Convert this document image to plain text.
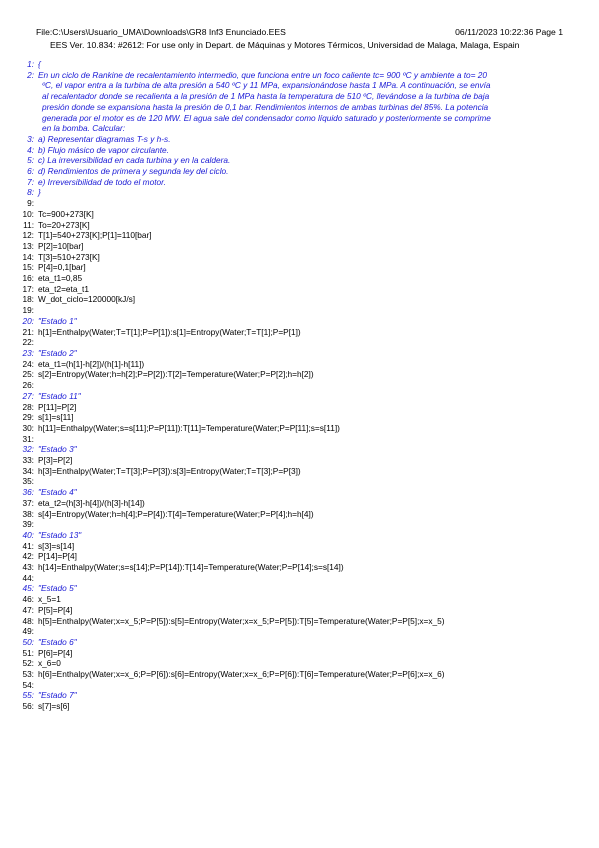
File:C:\Users\Usuario_UMA\Downloads\GR8 Inf3 Enunciado.EES	06/11/2023 10:22:36 Page 1
EES Ver. 10.834: #2612: For use only in Depart. de Máquinas y Motores Térmicos, Universidad de Malaga, Malaga, Espain
1: {
2: En un ciclo de Rankine de recalentamiento intermedio, que funciona entre un foco caliente tc= 900 ºC y ambiente a to= 20
ºC, el vapor entra a la turbina de alta presión a 540 ºC y 11 MPa, expansionándose hasta 1 MPa. A continuación, se envía
al recalentador donde se recalienta a la presión de 1 MPa hasta la temperatura de 510 ºC, llevándose a la turbina de baja
presión donde se expansiona hasta la presión de 0,1 bar. Rendimientos internos de ambas turbinas del 85%. La potencia
generada por el motor es de 120 MW. El agua sale del condensador como líquido saturado y posteriormente se comprime
en la bomba. Calcular:
3: a) Representar diagramas T-s y h-s.
4: b) Flujo másico de vapor circulante.
5: c) La irreversibilidad en cada turbina y en la caldera.
6: d) Rendimientos de primera y segunda ley del ciclo.
7: e) Irreversibilidad de todo el motor.
8: }
9:
10: Tc=900+273[K]
11: To=20+273[K]
12: T[1]=540+273[K];P[1]=110[bar]
13: P[2]=10[bar]
14: T[3]=510+273[K]
15: P[4]=0,1[bar]
16: eta_t1=0,85
17: eta_t2=eta_t1
18: W_dot_ciclo=120000[kJ/s]
19:
20: "Estado 1"
21: h[1]=Enthalpy(Water;T=T[1];P=P[1]):s[1]=Entropy(Water;T=T[1];P=P[1])
22:
23: "Estado 2"
24: eta_t1=(h[1]-h[2])/(h[1]-h[11])
25: s[2]=Entropy(Water;h=h[2];P=P[2]):T[2]=Temperature(Water;P=P[2];h=h[2])
26:
27: "Estado 11"
28: P[11]=P[2]
29: s[1]=s[11]
30: h[11]=Enthalpy(Water;s=s[11];P=P[11]):T[11]=Temperature(Water;P=P[11];s=s[11])
31:
32: "Estado 3"
33: P[3]=P[2]
34: h[3]=Enthalpy(Water;T=T[3];P=P[3]):s[3]=Entropy(Water;T=T[3];P=P[3])
35:
36: "Estado 4"
37: eta_t2=(h[3]-h[4])/(h[3]-h[14])
38: s[4]=Entropy(Water;h=h[4];P=P[4]):T[4]=Temperature(Water;P=P[4];h=h[4])
39:
40: "Estado 13"
41: s[3]=s[14]
42: P[14]=P[4]
43: h[14]=Enthalpy(Water;s=s[14];P=P[14]):T[14]=Temperature(Water;P=P[14];s=s[14])
44:
45: "Estado 5"
46: x_5=1
47: P[5]=P[4]
48: h[5]=Enthalpy(Water;x=x_5;P=P[5]):s[5]=Entropy(Water;x=x_5;P=P[5]):T[5]=Temperature(Water;P=P[5];x=x_5)
49:
50: "Estado 6"
51: P[6]=P[4]
52: x_6=0
53: h[6]=Enthalpy(Water;x=x_6;P=P[6]):s[6]=Entropy(Water;x=x_6;P=P[6]):T[6]=Temperature(Water;P=P[6];x=x_6)
54:
55: "Estado 7"
56: s[7]=s[6]
